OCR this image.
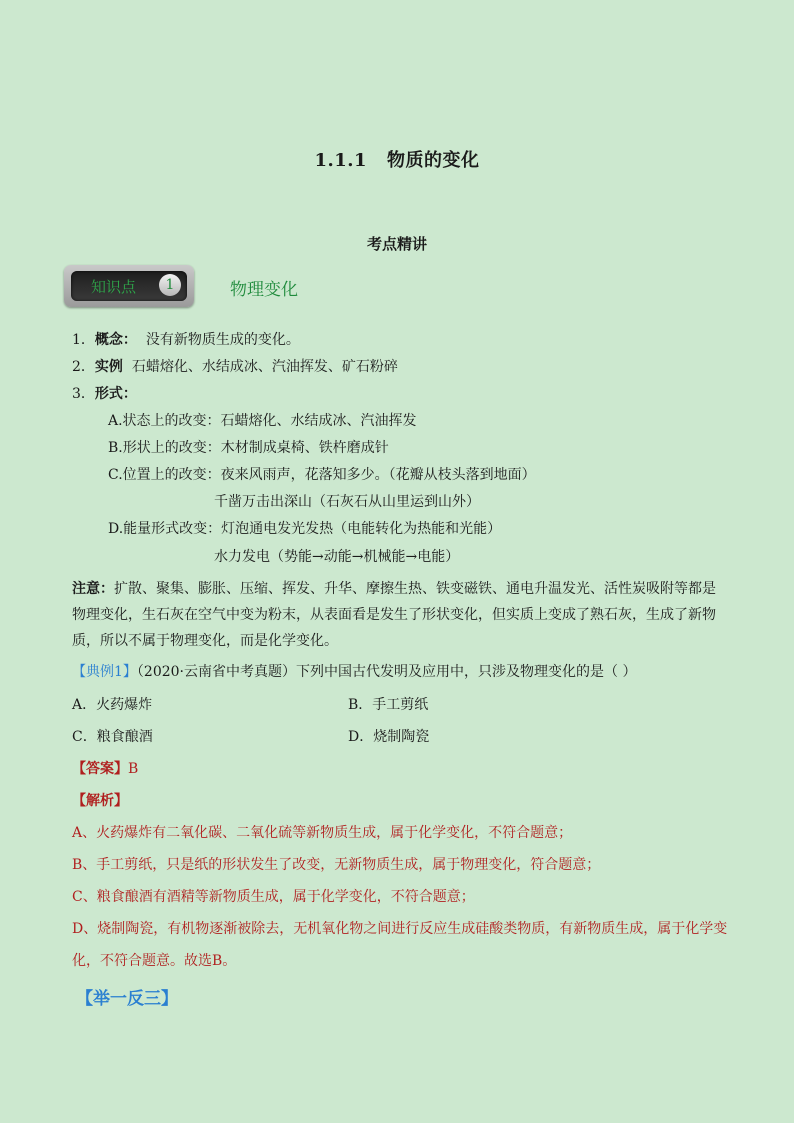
1.1.1 物质的变化
考点精讲
知识点	1	物理变化
1．概念： 没有新物质生成的变化。
2．实例 石蜡熔化、水结成冰、汽油挥发、矿石粉碎
3．形式：
A.状态上的改变：石蜡熔化、水结成冰、汽油挥发
B.形状上的改变：木材制成桌椅、铁杵磨成针
C.位置上的改变：夜来风雨声，花落知多少。（花瓣从枝头落到地面）
千凿万击出深山（石灰石从山里运到山外）
D.能量形式改变：灯泡通电发光发热（电能转化为热能和光能）
水力发电（势能→动能→机械能→电能）
注意：扩散、聚集、膨胀、压缩、挥发、升华、摩擦生热、铁变磁铁、通电升温发光、活性炭吸附等都是物理变化，生石灰在空气中变为粉末，从表面看是发生了形状变化，但实质上变成了熟石灰，生成了新物质，所以不属于物理变化，而是化学变化。
【典例1】（2020·云南省中考真题）下列中国古代发明及应用中，只涉及物理变化的是（ ）
A．火药爆炸	B．手工剪纸
C．粮食酿酒	D．烧制陶瓷
【答案】B
【解析】
A、火药爆炸有二氧化碳、二氧化硫等新物质生成，属于化学变化，不符合题意；
B、手工剪纸，只是纸的形状发生了改变，无新物质生成，属于物理变化，符合题意；
C、粮食酿酒有酒精等新物质生成，属于化学变化，不符合题意；
D、烧制陶瓷，有机物逐渐被除去，无机氧化物之间进行反应生成硅酸类物质，有新物质生成，属于化学变
化，不符合题意。故选B。
【举一反三】
